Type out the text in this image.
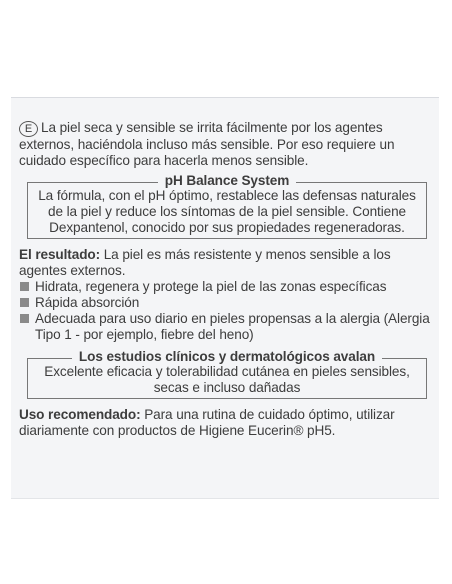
E La piel seca y sensible se irrita fácilmente por los agentes externos, haciéndola incluso más sensible. Por eso requiere un cuidado específico para hacerla menos sensible.
pH Balance System
La fórmula, con el pH óptimo, restablece las defensas naturales de la piel y reduce los síntomas de la piel sensible. Contiene Dexpantenol, conocido por sus propiedades regeneradoras.
El resultado: La piel es más resistente y menos sensible a los agentes externos.
Hidrata, regenera y protege la piel de las zonas específicas
Rápida absorción
Adecuada para uso diario en pieles propensas a la alergia (Alergia Tipo 1 - por ejemplo, fiebre del heno)
Los estudios clínicos y dermatológicos avalan
Excelente eficacia y tolerabilidad cutánea en pieles sensibles, secas e incluso dañadas
Uso recomendado: Para una rutina de cuidado óptimo, utilizar diariamente con productos de Higiene Eucerin® pH5.
